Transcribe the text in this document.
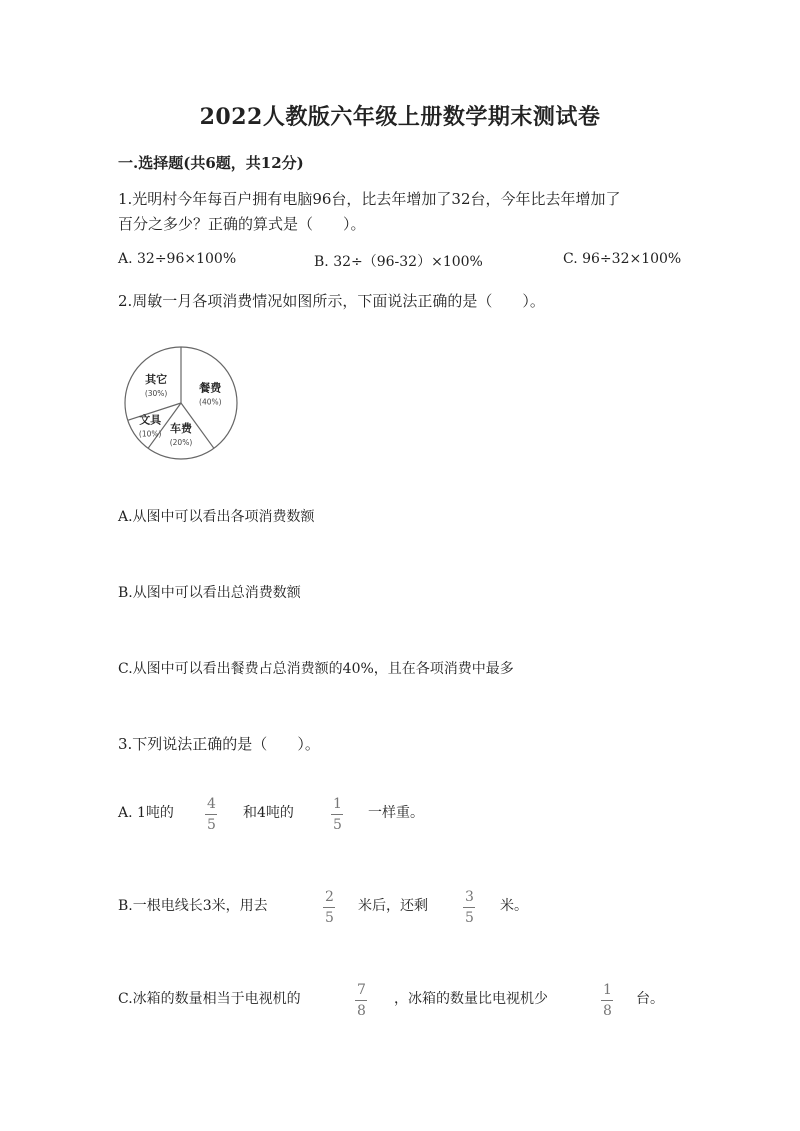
2022人教版六年级上册数学期末测试卷
一.选择题(共6题，共12分)
1.光明村今年每百户拥有电脑96台，比去年增加了32台，今年比去年增加了
百分之多少？正确的算式是（　　）。
A. 32÷96×100%	B. 32÷（96-32）×100%	C. 96÷32×100%
2.周敏一月各项消费情况如图所示，下面说法正确的是（　　）。
餐费
(40%)
车费
(20%)
文具
(10%)
其它
(30%)
A.从图中可以看出各项消费数额
B.从图中可以看出总消费数额
C.从图中可以看出餐费占总消费额的40%，且在各项消费中最多
3.下列说法正确的是（　　）。
A. 1吨的
4
5
和4吨的
1
5
一样重。
B.一根电线长3米，用去
2
5
米后，还剩
3
5
米。
C.冰箱的数量相当于电视机的
7
8
，冰箱的数量比电视机少
1
8
台。
